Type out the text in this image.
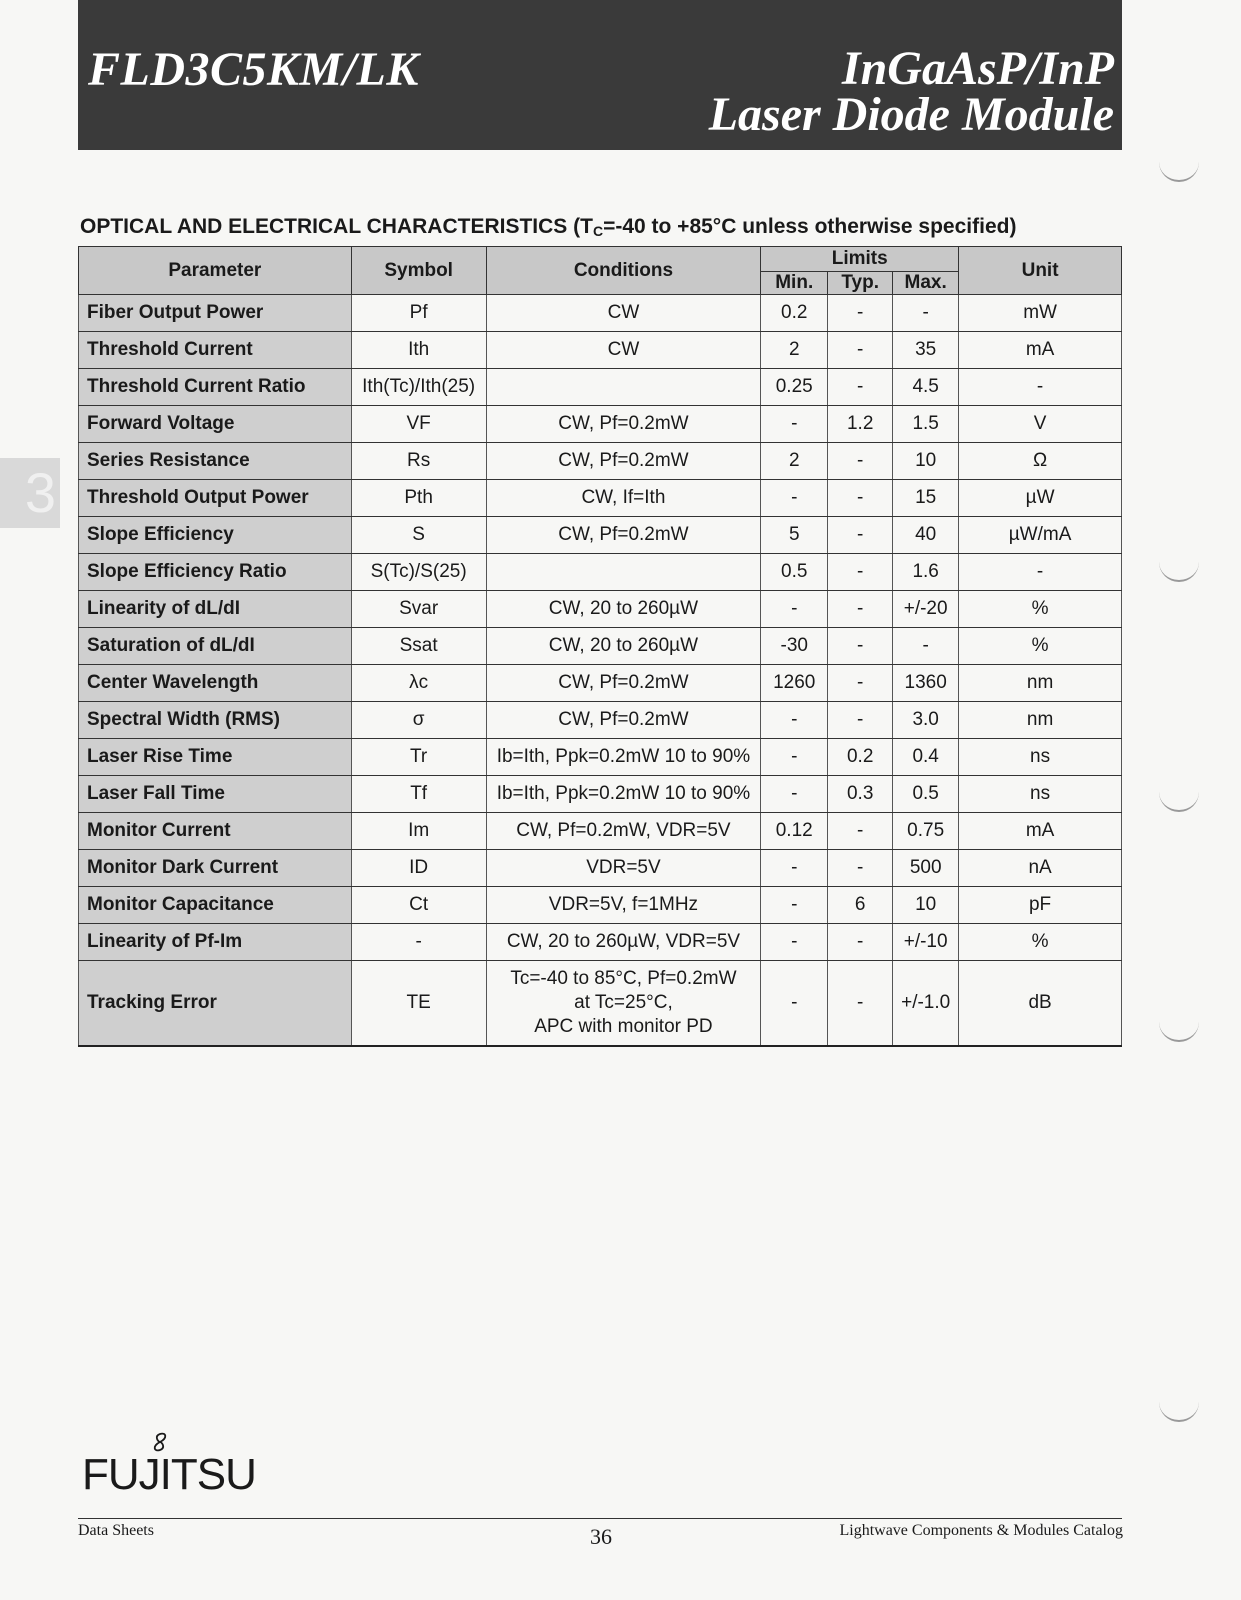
FLD3C5KM/LK	InGaAsP/InP
Laser Diode Module
3
OPTICAL AND ELECTRICAL CHARACTERISTICS ($T_C=-40$ to +85°C unless otherwise specified)
Parameter	Symbol	Conditions	Limits			Unit
			Min.	Typ.	Max.	
Fiber Output Power	Pf	CW	0.2	-	-	mW
Threshold Current	Ith	CW	2	-	35	mA
Threshold Current Ratio	Ith(Tc)/Ith(25)		0.25	-	4.5	-
Forward Voltage	VF	CW, Pf=0.2mW	-	1.2	1.5	V
Series Resistance	Rs	CW, Pf=0.2mW	2	-	10	Ω
Threshold Output Power	Pth	CW, If=Ith	-	-	15	µW
Slope Efficiency	S	CW, Pf=0.2mW	5	-	40	µW/mA
Slope Efficiency Ratio	S(Tc)/S(25)		0.5	-	1.6	-
Linearity of dL/dI	Svar	CW, 20 to 260µW	-	-	+/-20	%
Saturation of dL/dI	Ssat	CW, 20 to 260µW	-30	-	-	%
Center Wavelength	λc	CW, Pf=0.2mW	1260	-	1360	nm
Spectral Width (RMS)	σ	CW, Pf=0.2mW	-	-	3.0	nm
Laser Rise Time	Tr	Ib=Ith, Ppk=0.2mW 10 to 90%	-	0.2	0.4	ns
Laser Fall Time	Tf	Ib=Ith, Ppk=0.2mW 10 to 90%	-	0.3	0.5	ns
Monitor Current	Im	CW, Pf=0.2mW, VDR=5V	0.12	-	0.75	mA
Monitor Dark Current	ID	VDR=5V	-	-	500	nA
Monitor Capacitance	Ct	VDR=5V, f=1MHz	-	6	10	pF
Linearity of Pf-Im	-	CW, 20 to 260µW, VDR=5V	-	-	+/-10	%
Tracking Error	TE	Tc=-40 to 85°C, Pf=0.2mW
at Tc=25°C,
APC with monitor PD	-	-	+/-1.0	dB
FUJITSU
Data Sheets	36	Lightwave Components & Modules Catalog
